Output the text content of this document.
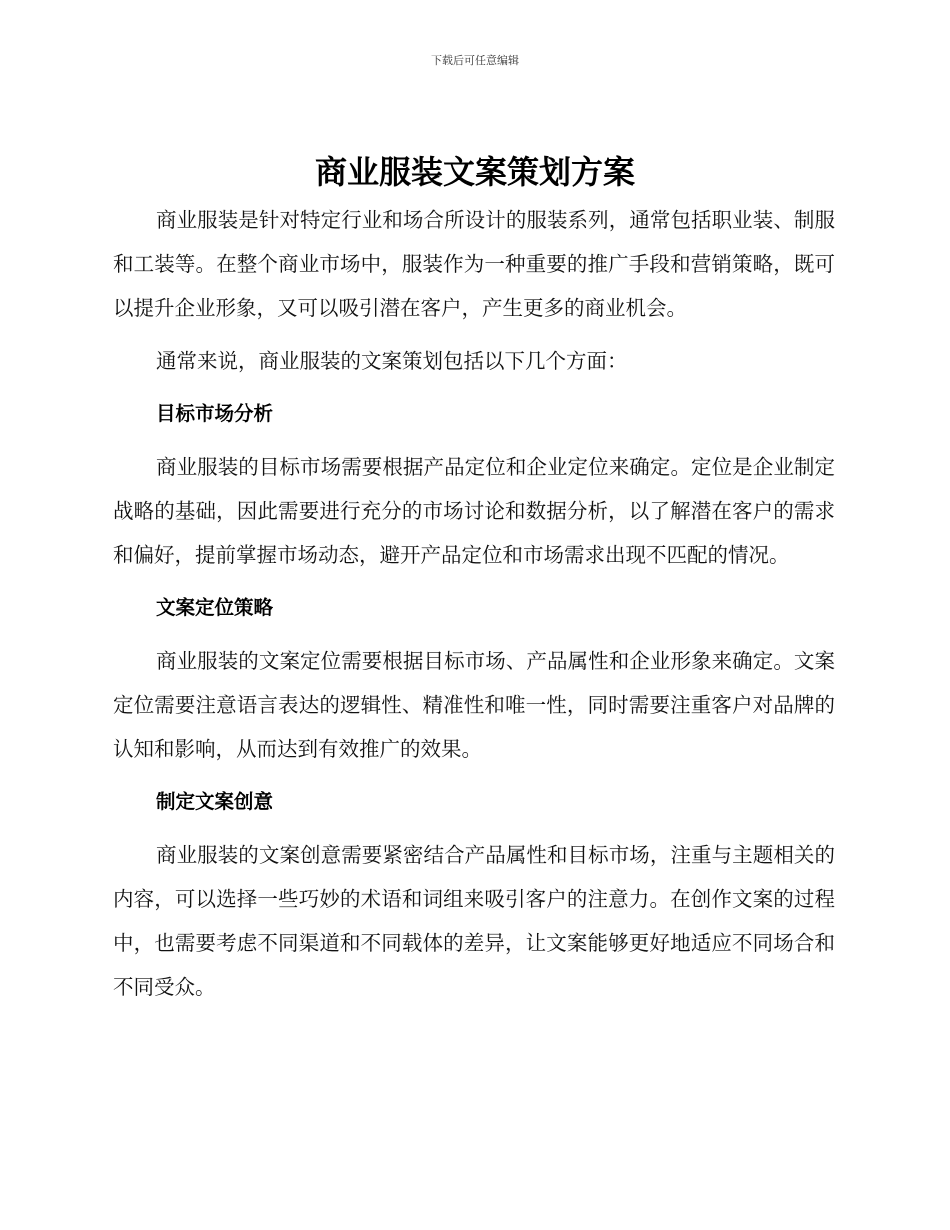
下载后可任意编辑
商业服装文案策划方案

商业服装是针对特定行业和场合所设计的服装系列，通常包括职业装、制服和工装等。在整个商业市场中，服装作为一种重要的推广手段和营销策略，既可以提升企业形象，又可以吸引潜在客户，产生更多的商业机会。

通常来说，商业服装的文案策划包括以下几个方面：

目标市场分析

商业服装的目标市场需要根据产品定位和企业定位来确定。定位是企业制定战略的基础，因此需要进行充分的市场讨论和数据分析，以了解潜在客户的需求和偏好，提前掌握市场动态，避开产品定位和市场需求出现不匹配的情况。

文案定位策略

商业服装的文案定位需要根据目标市场、产品属性和企业形象来确定。文案定位需要注意语言表达的逻辑性、精准性和唯一性，同时需要注重客户对品牌的认知和影响，从而达到有效推广的效果。

制定文案创意

商业服装的文案创意需要紧密结合产品属性和目标市场，注重与主题相关的内容，可以选择一些巧妙的术语和词组来吸引客户的注意力。在创作文案的过程中，也需要考虑不同渠道和不同载体的差异，让文案能够更好地适应不同场合和不同受众。
